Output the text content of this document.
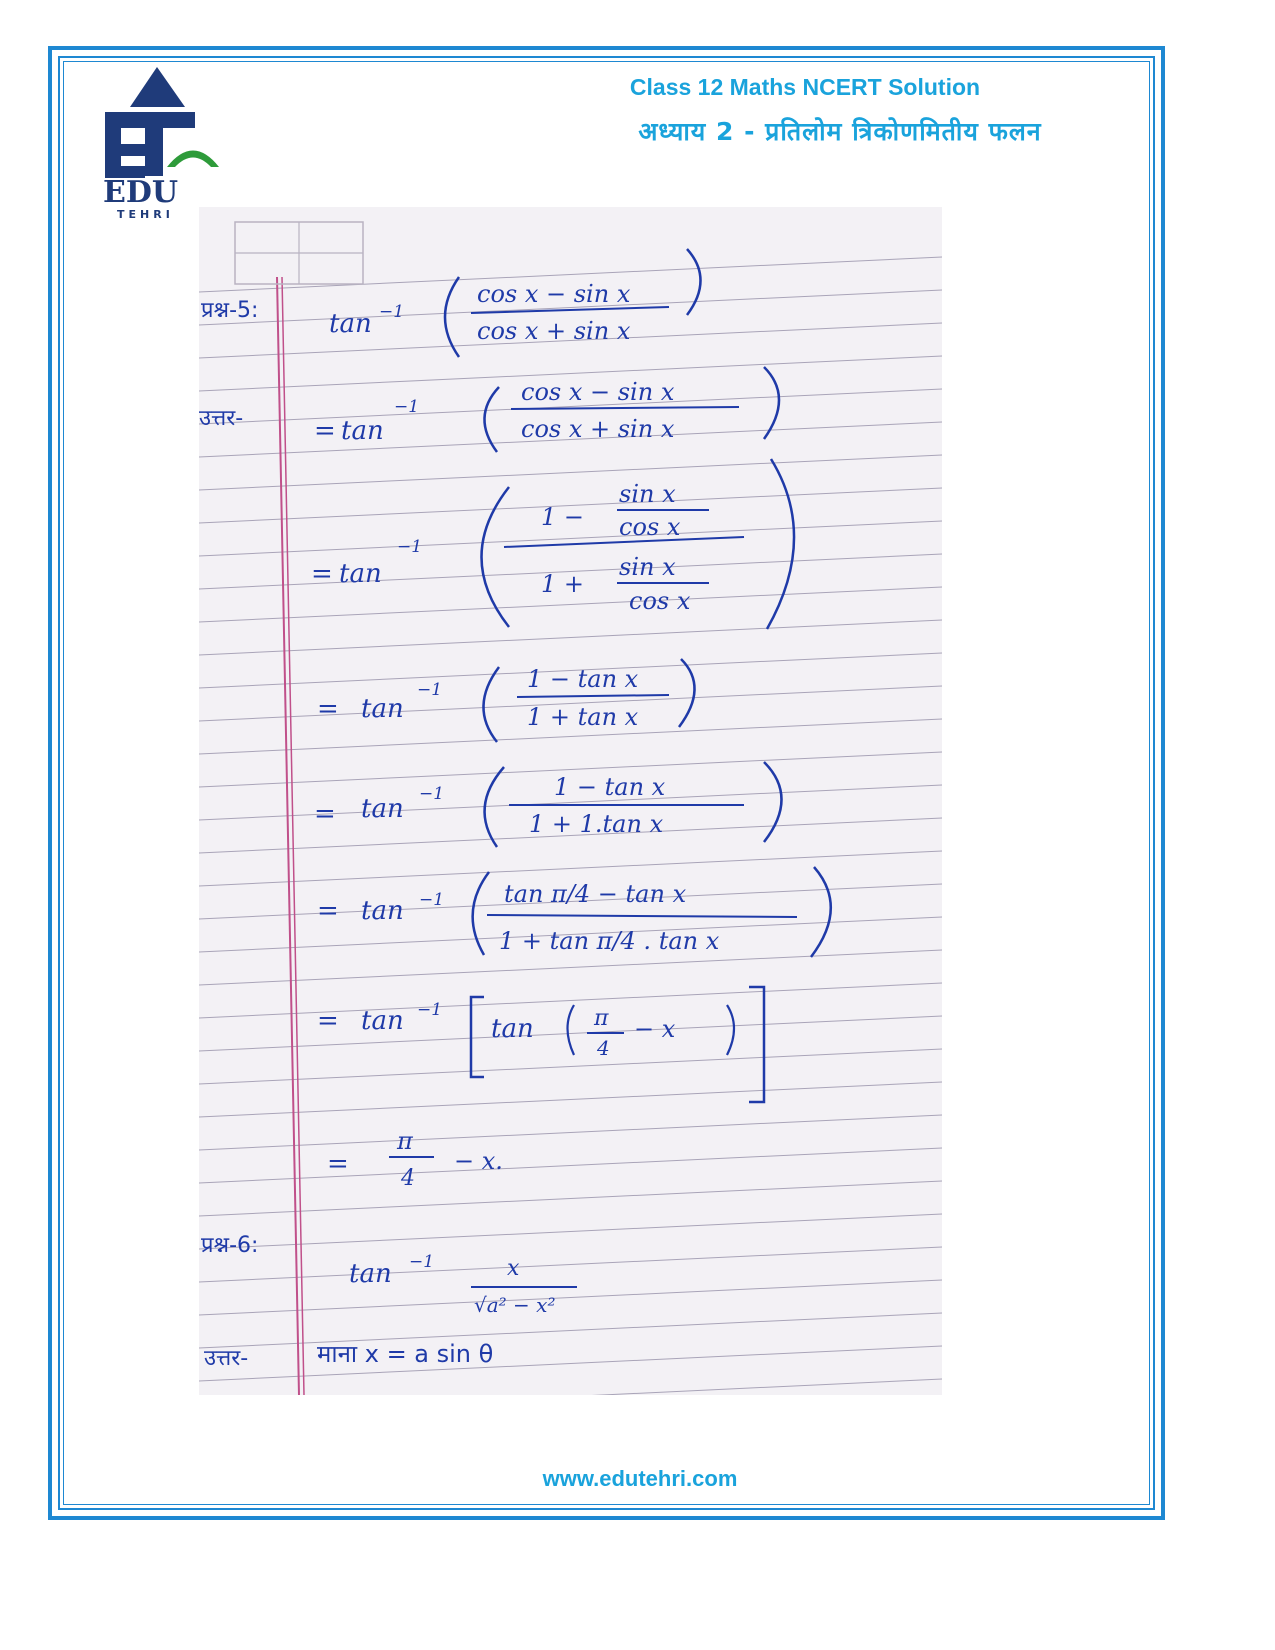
EDU
TEHRI
Class 12 Maths NCERT Solution
अध्याय 2 - प्रतिलोम त्रिकोणमितीय फलन
प्रश्न-5:	tan −1
cos x − sin x
cos x + sin x
उत्तर-	= tan
−1
cos x − sin x
cos x + sin x
= tan
−1
1 −
sin x
cos x
1 +
sin x
cos x
= tan
−1	1 − tan x
1 + tan x
= tan −1	1 − tan x
1 + 1.tan x
= tan −1 tan π/4 − tan x
1 + tan π/4 . tan x
= tan −1
tan	π
4
− x
=
π
4
− x.
प्रश्न-6:
tan −1	x
√a² − x²
उत्तर-	माना x = a sin θ
www.edutehri.com
